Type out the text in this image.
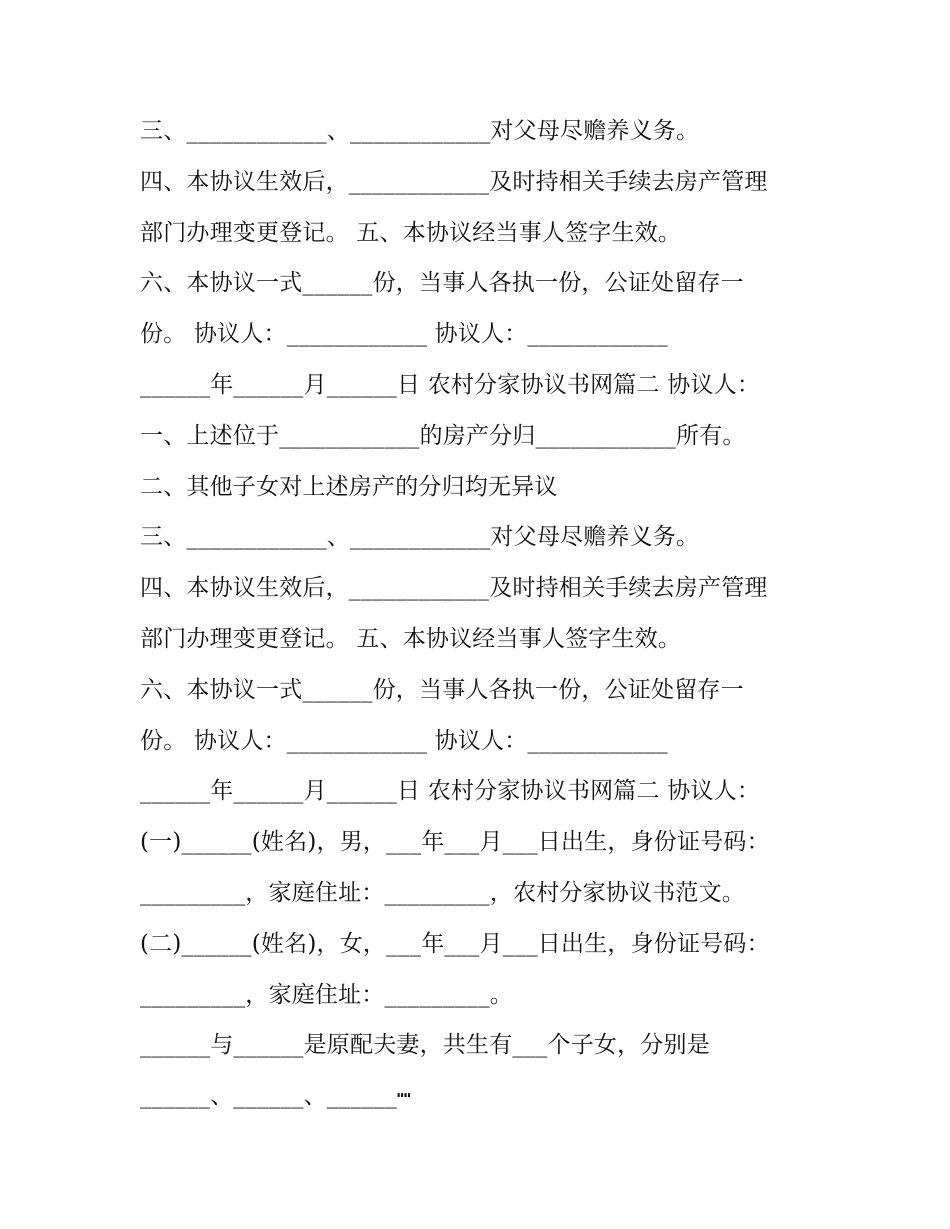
三、____________、____________对父母尽赡养义务。
四、本协议生效后，____________及时持相关手续去房产管理
部门办理变更登记。 五、本协议经当事人签字生效。
六、本协议一式______份，当事人各执一份，公证处留存一
份。 协议人：____________ 协议人：____________
______年______月______日 农村分家协议书网篇二 协议人：
一、上述位于____________的房产分归____________所有。
二、其他子女对上述房产的分归均无异议
三、____________、____________对父母尽赡养义务。
四、本协议生效后，____________及时持相关手续去房产管理
部门办理变更登记。 五、本协议经当事人签字生效。
六、本协议一式______份，当事人各执一份，公证处留存一
份。 协议人：____________ 协议人：____________
______年______月______日 农村分家协议书网篇二 协议人：
(一)______(姓名)，男，___年___月___日出生，身份证号码：
_________，家庭住址：_________，农村分家协议书范文。
(二)______(姓名)，女，___年___月___日出生，身份证号码：
_________，家庭住址：_________。
______与______是原配夫妻，共生有___个子女，分别是
______、______、______┉
